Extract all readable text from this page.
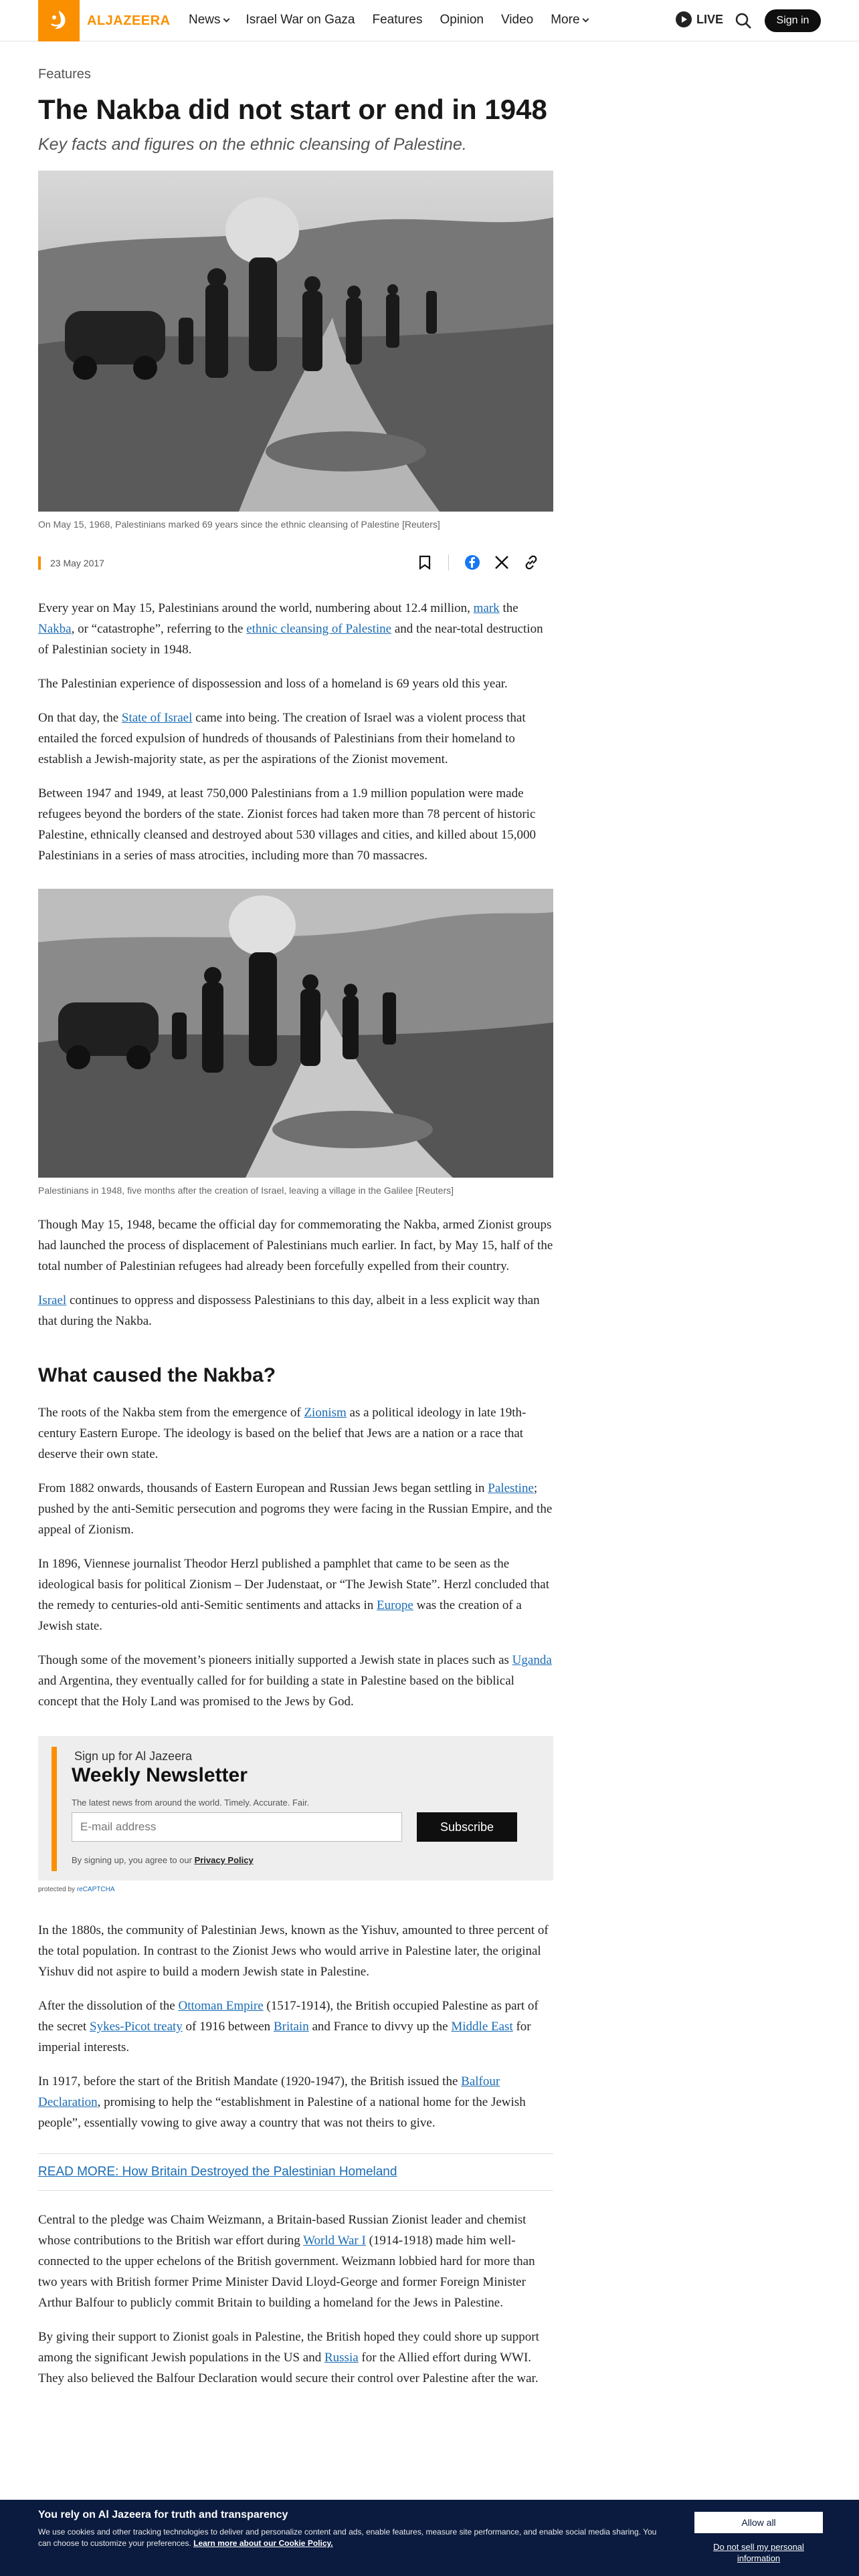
ALJAZEERA News Israel War on Gaza Features Opinion Video More	LIVE	Sign in
Features
The Nakba did not start or end in 1948
Key facts and figures on the ethnic cleansing of Palestine.
On May 15, 1968, Palestinians marked 69 years since the ethnic cleansing of Palestine [Reuters]
23 May 2017

Every year on May 15, Palestinians around the world, numbering about 12.4 million, mark the Nakba, or “catastrophe”, referring to the ethnic cleansing of Palestine and the near-total destruction of Palestinian society in 1948.

The Palestinian experience of dispossession and loss of a homeland is 69 years old this year.

On that day, the State of Israel came into being. The creation of Israel was a violent process that entailed the forced expulsion of hundreds of thousands of Palestinians from their homeland to establish a Jewish-majority state, as per the aspirations of the Zionist movement.

Between 1947 and 1949, at least 750,000 Palestinians from a 1.9 million population were made refugees beyond the borders of the state. Zionist forces had taken more than 78 percent of historic Palestine, ethnically cleansed and destroyed about 530 villages and cities, and killed about 15,000 Palestinians in a series of mass atrocities, including more than 70 massacres.

Palestinians in 1948, five months after the creation of Israel, leaving a village in the Galilee [Reuters]

Though May 15, 1948, became the official day for commemorating the Nakba, armed Zionist groups had launched the process of displacement of Palestinians much earlier. In fact, by May 15, half of the total number of Palestinian refugees had already been forcefully expelled from their country.

Israel continues to oppress and dispossess Palestinians to this day, albeit in a less explicit way than that during the Nakba.

What caused the Nakba?

The roots of the Nakba stem from the emergence of Zionism as a political ideology in late 19th-century Eastern Europe. The ideology is based on the belief that Jews are a nation or a race that deserve their own state.

From 1882 onwards, thousands of Eastern European and Russian Jews began settling in Palestine; pushed by the anti-Semitic persecution and pogroms they were facing in the Russian Empire, and the appeal of Zionism.

In 1896, Viennese journalist Theodor Herzl published a pamphlet that came to be seen as the ideological basis for political Zionism – Der Judenstaat, or “The Jewish State”. Herzl concluded that the remedy to centuries-old anti-Semitic sentiments and attacks in Europe was the creation of a Jewish state.

Though some of the movement’s pioneers initially supported a Jewish state in places such as Uganda and Argentina, they eventually called for for building a state in Palestine based on the biblical concept that the Holy Land was promised to the Jews by God.

Sign up for Al Jazeera
Weekly Newsletter
The latest news from around the world. Timely. Accurate. Fair.
E-mail address
Subscribe
By signing up, you agree to our Privacy Policy
protected by reCAPTCHA

In the 1880s, the community of Palestinian Jews, known as the Yishuv, amounted to three percent of the total population. In contrast to the Zionist Jews who would arrive in Palestine later, the original Yishuv did not aspire to build a modern Jewish state in Palestine.

After the dissolution of the Ottoman Empire (1517-1914), the British occupied Palestine as part of the secret Sykes-Picot treaty of 1916 between Britain and France to divvy up the Middle East for imperial interests.

In 1917, before the start of the British Mandate (1920-1947), the British issued the Balfour Declaration, promising to help the “establishment in Palestine of a national home for the Jewish people”, essentially vowing to give away a country that was not theirs to give.

READ MORE: How Britain Destroyed the Palestinian Homeland

Central to the pledge was Chaim Weizmann, a Britain-based Russian Zionist leader and chemist whose contributions to the British war effort during World War I (1914-1918) made him well-connected to the upper echelons of the British government. Weizmann lobbied hard for more than two years with British former Prime Minister David Lloyd-George and former Foreign Minister Arthur Balfour to publicly commit Britain to building a homeland for the Jews in Palestine.

By giving their support to Zionist goals in Palestine, the British hoped they could shore up support among the significant Jewish populations in the US and Russia for the Allied effort during WWI. They also believed the Balfour Declaration would secure their control over Palestine after the war.

You rely on Al Jazeera for truth and transparency
We use cookies and other tracking technologies to deliver and personalize content and ads, enable features, measure site performance, and enable social media sharing. You can choose to customize your preferences. Learn more about our Cookie Policy.
Allow all
Do not sell my personal information
